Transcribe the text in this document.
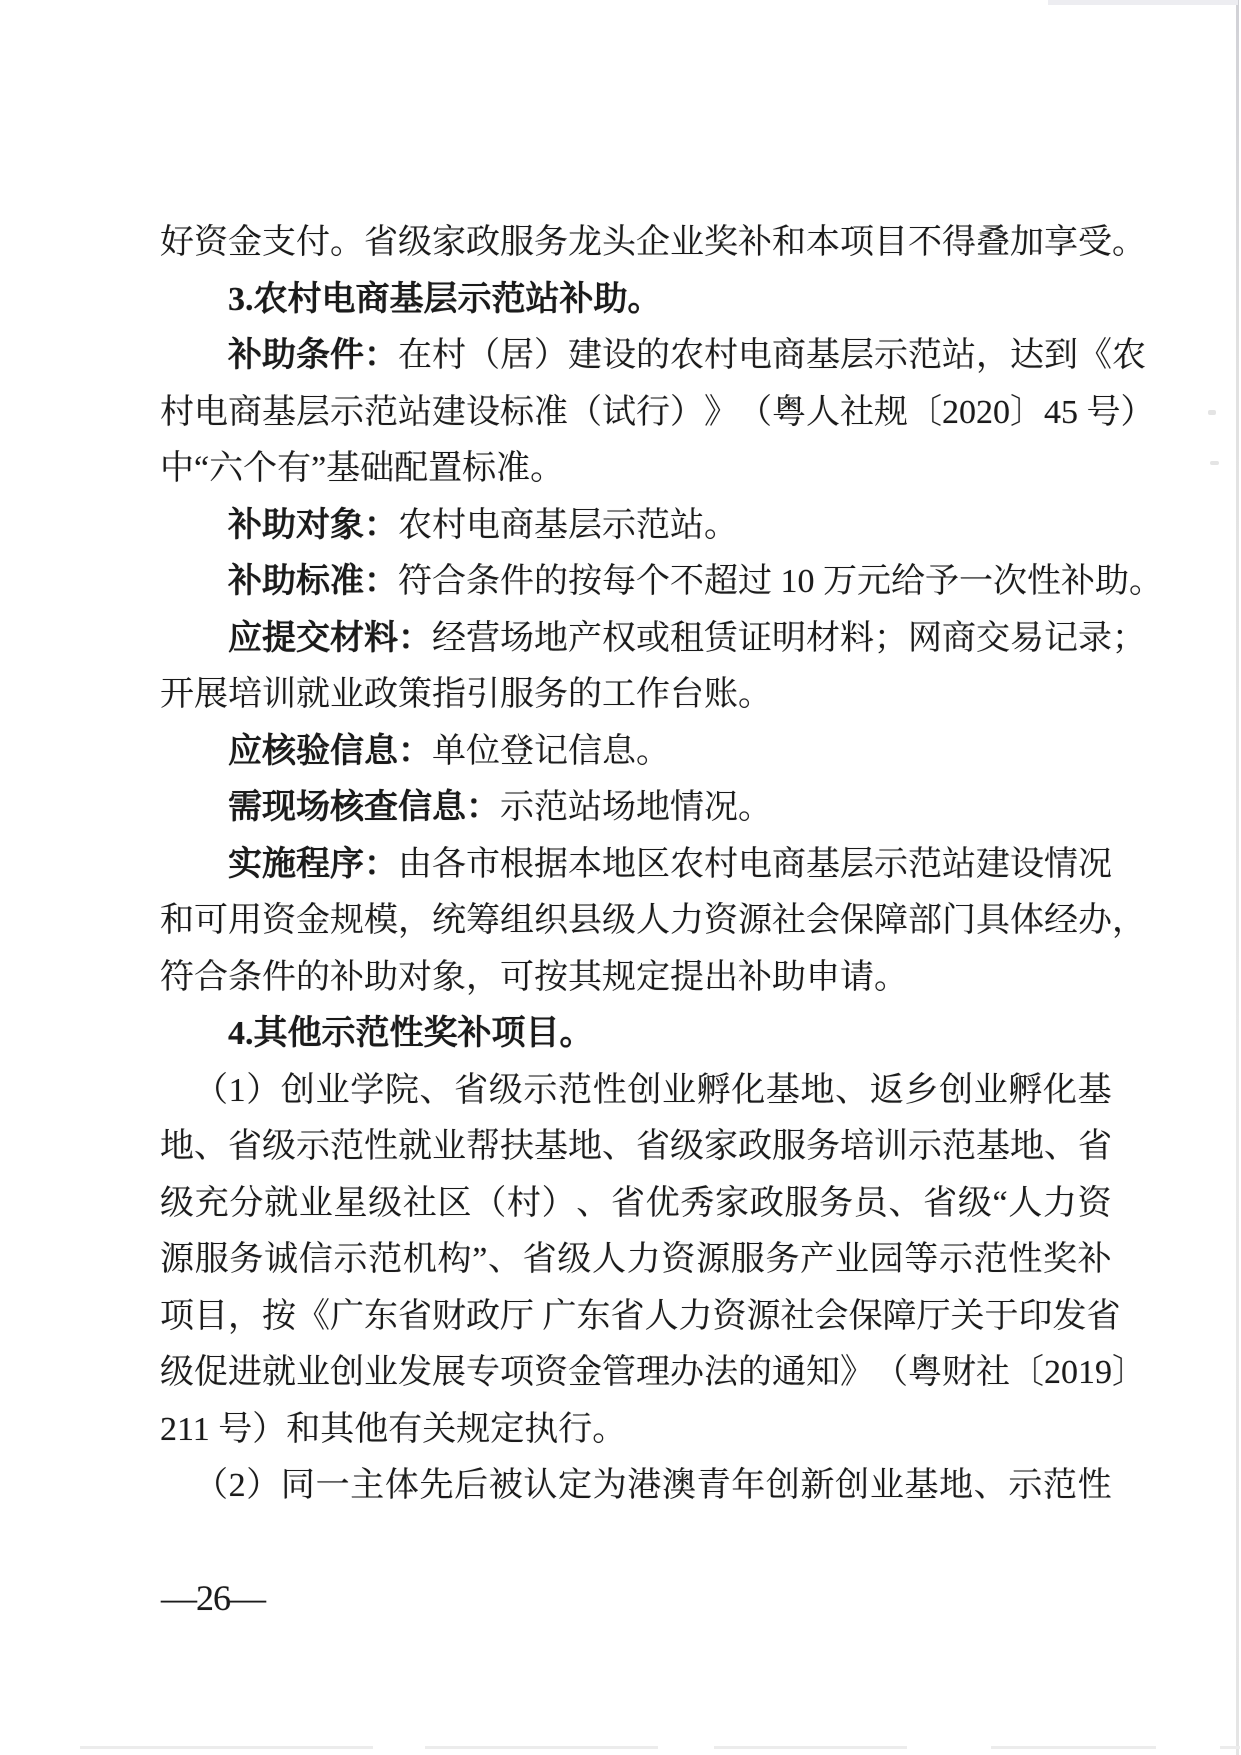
好 资 金 支 付 。 省 级 家 政 服 务 龙 头 企 业 奖 补 和 本 项 目 不 得 叠 加 享 受 。
3.农村电商基层示范站补助。
补 助 条 件 ： 在 村 （ 居 ） 建 设 的 农 村 电 商 基 层 示 范 站 ， 达 到 《 农
村 电 商 基 层 示 范 站 建 设 标 准 （ 试 行 ） 》 （ 粤 人 社 规 〔 2 0 2 0 〕 4 5
号 ）
中“六个有”基础配置标准。
补助对象：农村电商基层示范站。
补 助 标 准 ： 符 合 条 件 的 按 每 个 不 超 过
1 0
万 元 给 予 一 次 性 补 助 。
应 提 交 材 料 ： 经 营 场 地 产 权 或 租 赁 证 明 材 料 ； 网 商 交 易 记 录 ；
开展培训就业政策指引服务的工作台账。
应核验信息：单位登记信息。
需现场核查信息：示范站场地情况。
实 施 程 序 ： 由 各 市 根 据 本 地 区 农 村 电 商 基 层 示 范 站 建 设 情 况
和 可 用 资 金 规 模 ， 统 筹 组 织 县 级 人 力 资 源 社 会 保 障 部 门 具 体 经 办 ，
符合条件的补助对象，可按其规定提出补助申请。
4.其他示范性奖补项目。
（ 1 ） 创 业 学 院 、 省 级 示 范 性 创 业 孵 化 基 地 、 返 乡 创 业 孵 化 基
地 、 省 级 示 范 性 就 业 帮 扶 基 地 、 省 级 家 政 服 务 培 训 示 范 基 地 、 省
级 充 分 就 业 星 级 社 区 （ 村 ） 、 省 优 秀 家 政 服 务 员 、 省 级 “ 人 力 资
源 服 务 诚 信 示 范 机 构 ” 、 省 级 人 力 资 源 服 务 产 业 园 等 示 范 性 奖 补
项 目 ， 按 《 广 东 省 财 政 厅
广 东 省 人 力 资 源 社 会 保 障 厅 关 于 印 发 省
级 促 进 就 业 创 业 发 展 专 项 资 金 管 理 办 法 的 通 知 》 （ 粤 财 社 〔 2 0 1 9 〕
211 号）和其他有关规定执行。
（ 2 ） 同 一 主 体 先 后 被 认 定 为 港 澳 青 年 创 新 创 业 基 地 、 示 范 性
—26—
